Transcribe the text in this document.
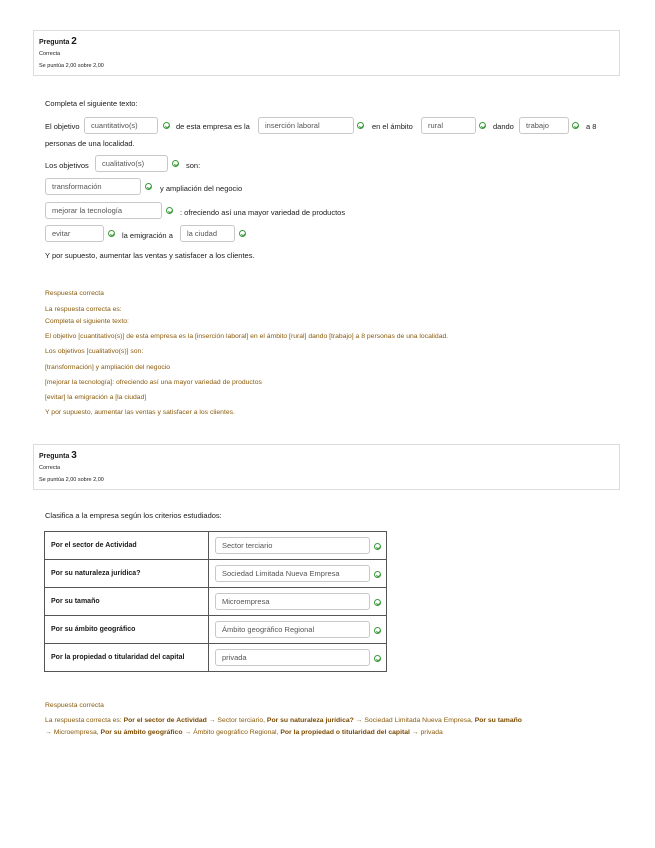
Pregunta 2
Correcta
Se puntúa 2,00 sobre 2,00
Completa el siguiente texto:
El objetivo	cuantitativo(s)	de esta empresa es la	inserción laboral	en el ámbito	rural	dando	trabajo	a 8
personas de una localidad.
Los objetivos	cualitativo(s)	son:
transformación	y ampliación del negocio
mejorar la tecnología	: ofreciendo así una mayor variedad de productos
evitar	la emigración a	la ciudad
Y por supuesto, aumentar las ventas y satisfacer a los clientes.
Respuesta correcta
La respuesta correcta es:
Completa el siguiente texto:
El objetivo [cuantitativo(s)] de esta empresa es la [inserción laboral] en el ámbito [rural] dando [trabajo] a 8 personas de una localidad.
Los objetivos [cualitativo(s)] son:
[transformación] y ampliación del negocio
[mejorar la tecnología]: ofreciendo así una mayor variedad de productos
[evitar] la emigración a [la ciudad]
Y por supuesto, aumentar las ventas y satisfacer a los clientes.
Pregunta 3
Correcta
Se puntúa 2,00 sobre 2,00
Clasifica a la empresa según los criterios estudiados:
Por el sector de Actividad	Sector terciario

Por su naturaleza jurídica?	Sociedad Limitada Nueva Empresa

Por su tamaño	Microempresa

Por su ámbito geográfico	Ámbito geográfico Regional

Por la propiedad o titularidad del capital	privada
Respuesta correcta
La respuesta correcta es: Por el sector de Actividad → Sector terciario, Por su naturaleza jurídica? → Sociedad Limitada Nueva Empresa, Por su tamaño
→ Microempresa, Por su ámbito geográfico → Ámbito geográfico Regional, Por la propiedad o titularidad del capital → privada
